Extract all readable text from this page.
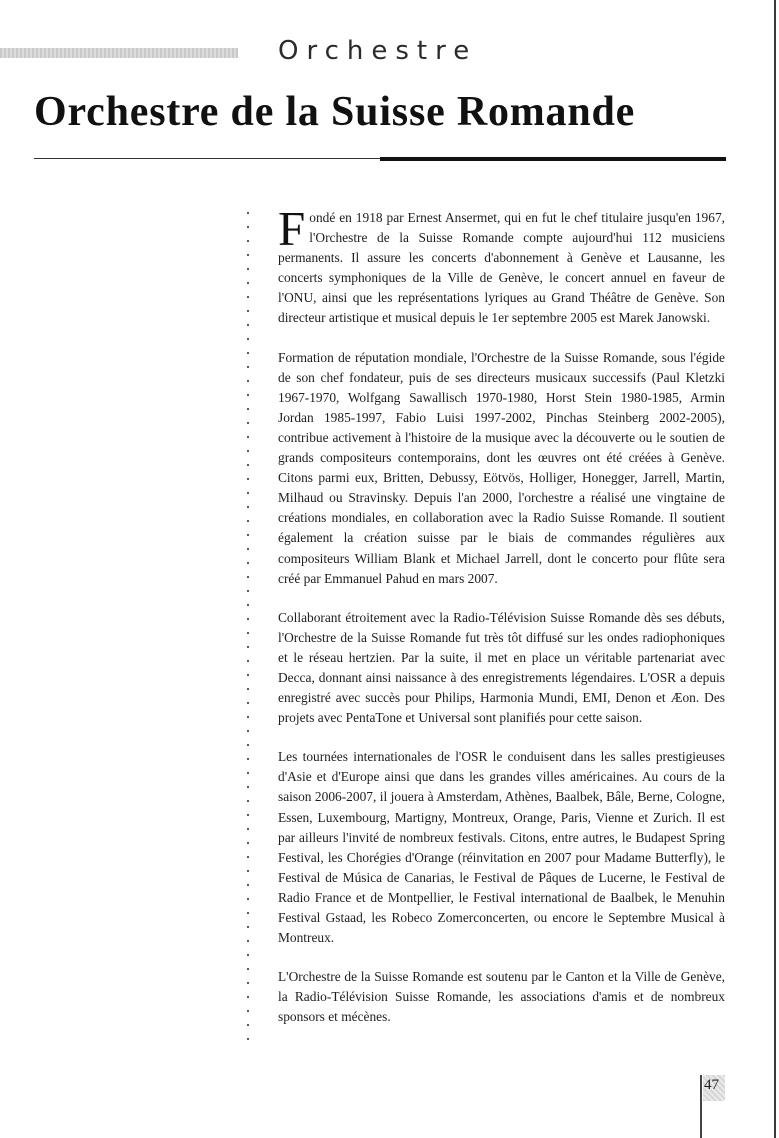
Orchestre
Orchestre de la Suisse Romande

Fondé en 1918 par Ernest Ansermet, qui en fut le chef titulaire jusqu'en 1967, l'Orchestre de la Suisse Romande compte aujourd'hui 112 musiciens permanents. Il assure les concerts d'abonnement à Genève et Lausanne, les concerts symphoniques de la Ville de Genève, le concert annuel en faveur de l'ONU, ainsi que les représentations lyriques au Grand Théâtre de Genève. Son directeur artistique et musical depuis le 1er septembre 2005 est Marek Janowski.

Formation de réputation mondiale, l'Orchestre de la Suisse Romande, sous l'égide de son chef fondateur, puis de ses directeurs musicaux successifs (Paul Kletzki 1967-1970, Wolfgang Sawallisch 1970-1980, Horst Stein 1980-1985, Armin Jordan 1985-1997, Fabio Luisi 1997-2002, Pinchas Steinberg 2002-2005), contribue activement à l'histoire de la musique avec la découverte ou le soutien de grands compositeurs contemporains, dont les œuvres ont été créées à Genève. Citons parmi eux, Britten, Debussy, Eötvös, Holliger, Honegger, Jarrell, Martin, Milhaud ou Stravinsky. Depuis l'an 2000, l'orchestre a réalisé une vingtaine de créations mondiales, en collaboration avec la Radio Suisse Romande. Il soutient également la création suisse par le biais de commandes régulières aux compositeurs William Blank et Michael Jarrell, dont le concerto pour flûte sera créé par Emmanuel Pahud en mars 2007.

Collaborant étroitement avec la Radio-Télévision Suisse Romande dès ses débuts, l'Orchestre de la Suisse Romande fut très tôt diffusé sur les ondes radiophoniques et le réseau hertzien. Par la suite, il met en place un véritable partenariat avec Decca, donnant ainsi naissance à des enregistrements légendaires. L'OSR a depuis enregistré avec succès pour Philips, Harmonia Mundi, EMI, Denon et Æon. Des projets avec PentaTone et Universal sont planifiés pour cette saison.

Les tournées internationales de l'OSR le conduisent dans les salles prestigieuses d'Asie et d'Europe ainsi que dans les grandes villes américaines. Au cours de la saison 2006-2007, il jouera à Amsterdam, Athènes, Baalbek, Bâle, Berne, Cologne, Essen, Luxembourg, Martigny, Montreux, Orange, Paris, Vienne et Zurich. Il est par ailleurs l'invité de nombreux festivals. Citons, entre autres, le Budapest Spring Festival, les Chorégies d'Orange (réinvitation en 2007 pour Madame Butterfly), le Festival de Música de Canarias, le Festival de Pâques de Lucerne, le Festival de Radio France et de Montpellier, le Festival international de Baalbek, le Menuhin Festival Gstaad, les Robeco Zomerconcerten, ou encore le Septembre Musical à Montreux.

L'Orchestre de la Suisse Romande est soutenu par le Canton et la Ville de Genève, la Radio-Télévision Suisse Romande, les associations d'amis et de nombreux sponsors et mécènes.

47
